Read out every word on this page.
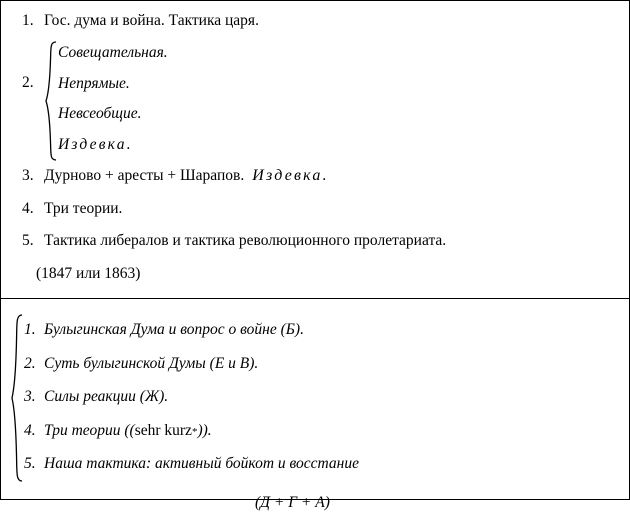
1. Гос. дума и война. Тактика царя.
2.
Совещательная.
Непрямые.
Невсеобщие.
Издевка.
3. Дурново + аресты + Шарапов. Издевка.
4. Три теории.
5. Тактика либералов и тактика революционного пролетариата.
(1847 или 1863)
1. Булыгинская Дума и вопрос о войне (Б).
2. Суть булыгинской Думы (Е и В).
3. Силы реакции (Ж).
4. Три теории (( sehr kurz * )).
5. Наша тактика: активный бойкот и восстание
(Д + Г + А)
